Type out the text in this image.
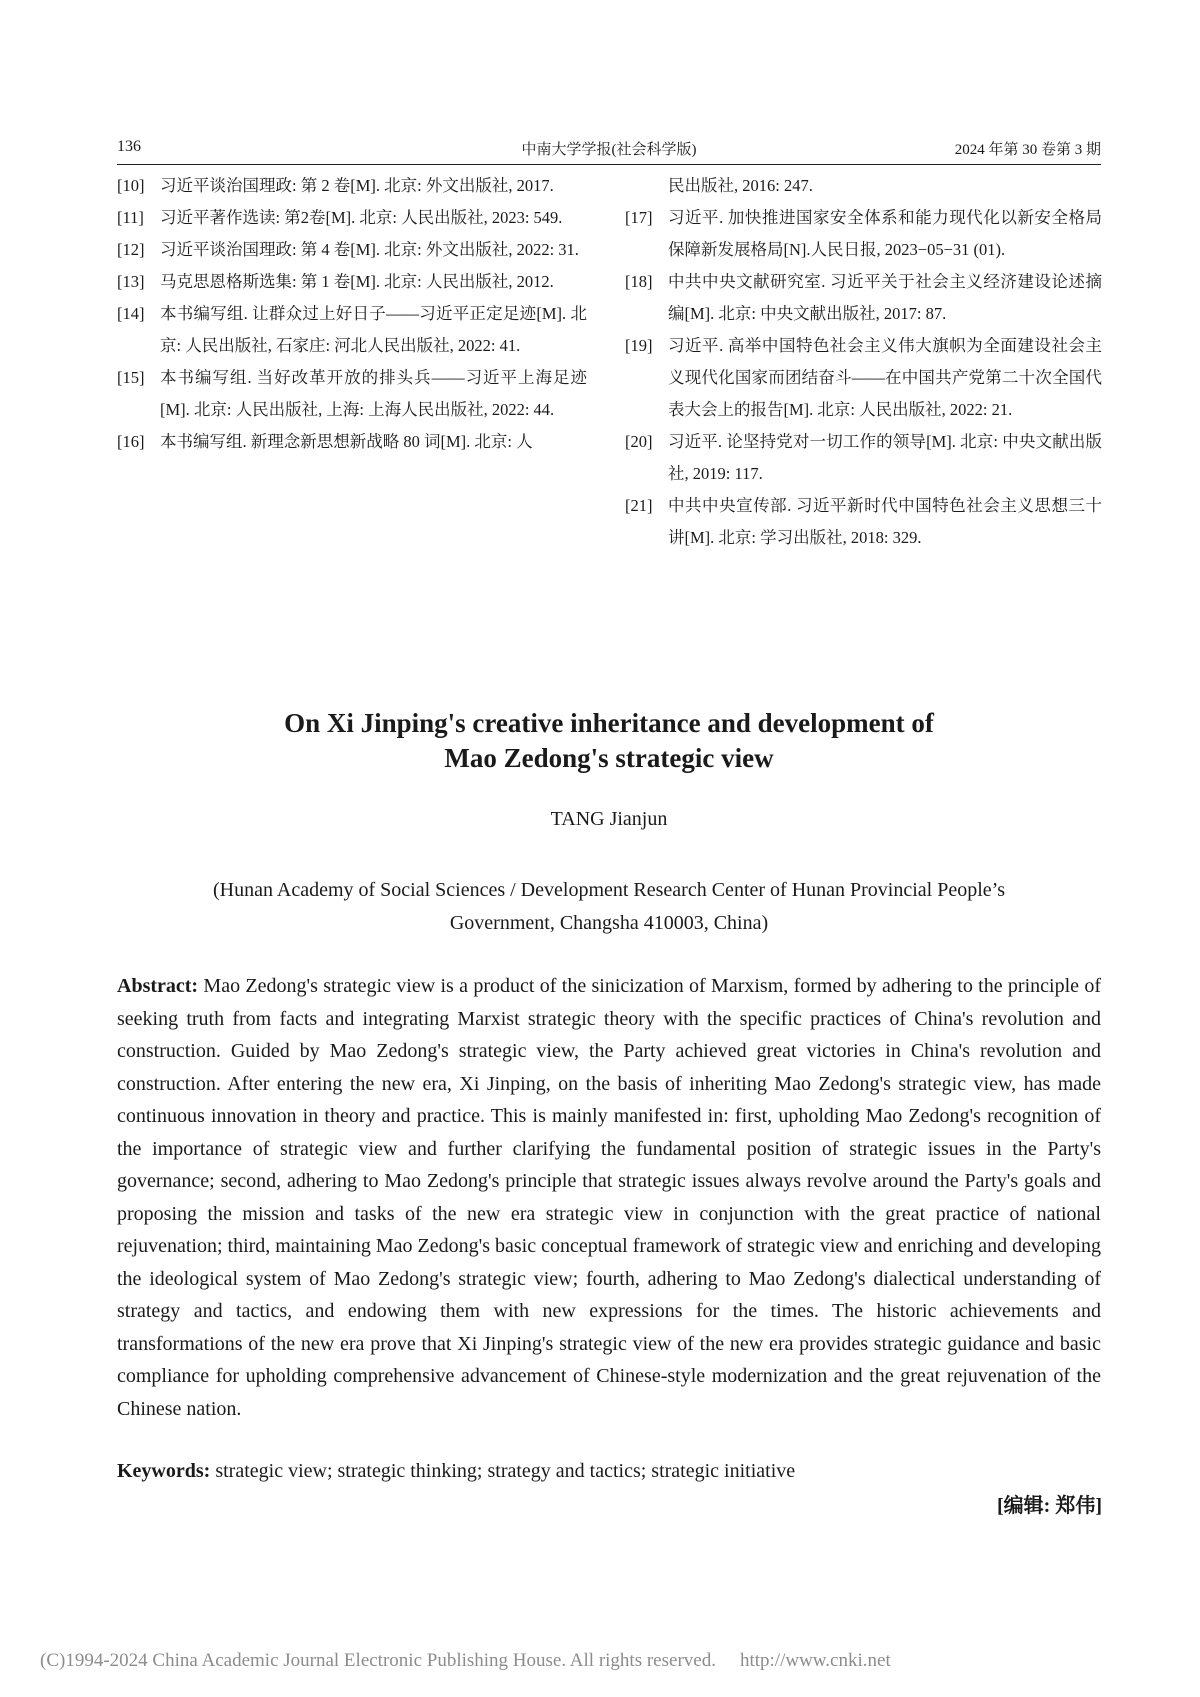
136	中南大学学报(社会科学版)	2024 年第 30 卷第 3 期
[10] 习近平谈治国理政: 第 2 卷[M]. 北京: 外文出版社, 2017.
[11] 习近平著作选读: 第2卷[M]. 北京: 人民出版社, 2023: 549.
[12] 习近平谈治国理政: 第 4 卷[M]. 北京: 外文出版社, 2022: 31.
[13] 马克思恩格斯选集: 第 1 卷[M]. 北京: 人民出版社, 2012.
[14] 本书编写组. 让群众过上好日子——习近平正定足迹[M]. 北京: 人民出版社, 石家庄: 河北人民出版社, 2022: 41.
[15] 本书编写组. 当好改革开放的排头兵——习近平上海足迹[M]. 北京: 人民出版社, 上海: 上海人民出版社, 2022: 44.
[16] 本书编写组. 新理念新思想新战略 80 词[M]. 北京: 人
民出版社, 2016: 247.
[17] 习近平. 加快推进国家安全体系和能力现代化以新安全格局保障新发展格局[N].人民日报, 2023−05−31 (01).
[18] 中共中央文献研究室. 习近平关于社会主义经济建设论述摘编[M]. 北京: 中央文献出版社, 2017: 87.
[19] 习近平. 高举中国特色社会主义伟大旗帜为全面建设社会主义现代化国家而团结奋斗——在中国共产党第二十次全国代表大会上的报告[M]. 北京: 人民出版社, 2022: 21.
[20] 习近平. 论坚持党对一切工作的领导[M]. 北京: 中央文献出版社, 2019: 117.
[21] 中共中央宣传部. 习近平新时代中国特色社会主义思想三十讲[M]. 北京: 学习出版社, 2018: 329.
On Xi Jinping's creative inheritance and development of
Mao Zedong's strategic view
TANG Jianjun
(Hunan Academy of Social Sciences / Development Research Center of Hunan Provincial People’s
Government, Changsha 410003, China)
Abstract: Mao Zedong's strategic view is a product of the sinicization of Marxism, formed by adhering to the principle of seeking truth from facts and integrating Marxist strategic theory with the specific practices of China's revolution and construction. Guided by Mao Zedong's strategic view, the Party achieved great victories in China's revolution and construction. After entering the new era, Xi Jinping, on the basis of inheriting Mao Zedong's strategic view, has made continuous innovation in theory and practice. This is mainly manifested in: first, upholding Mao Zedong's recognition of the importance of strategic view and further clarifying the fundamental position of strategic issues in the Party's governance; second, adhering to Mao Zedong's principle that strategic issues always revolve around the Party's goals and proposing the mission and tasks of the new era strategic view in conjunction with the great practice of national rejuvenation; third, maintaining Mao Zedong's basic conceptual framework of strategic view and enriching and developing the ideological system of Mao Zedong's strategic view; fourth, adhering to Mao Zedong's dialectical understanding of strategy and tactics, and endowing them with new expressions for the times. The historic achievements and transformations of the new era prove that Xi Jinping's strategic view of the new era provides strategic guidance and basic compliance for upholding comprehensive advancement of Chinese-style modernization and the great rejuvenation of the Chinese nation.
Keywords: strategic view; strategic thinking; strategy and tactics; strategic initiative
[编辑: 郑伟]
(C)1994-2024 China Academic Journal Electronic Publishing House. All rights reserved. http://www.cnki.net
